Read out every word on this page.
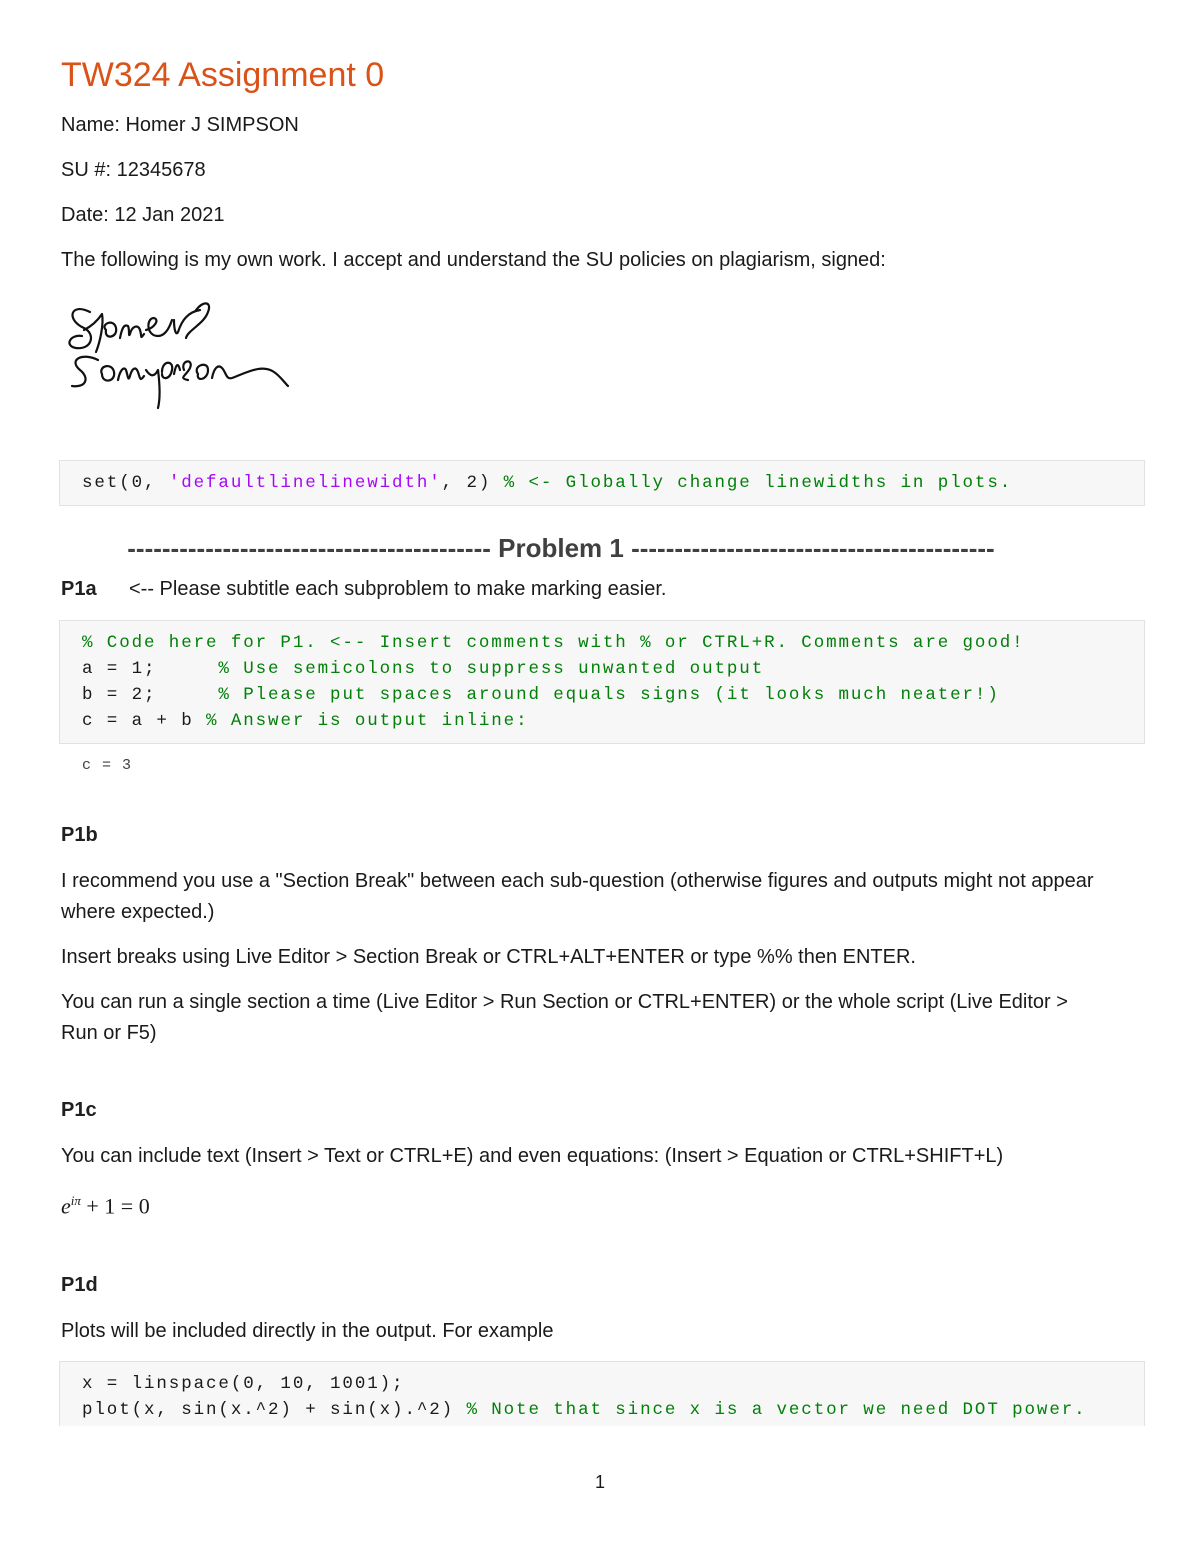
TW324 Assignment 0

Name: Homer J SIMPSON

SU #: 12345678

Date: 12 Jan 2021

The following is my own work. I accept and understand the SU policies on plagiarism, signed:

set(0, 'defaultlinelinewidth', 2) % <- Globally change linewidths in plots.
------------------------------------------ Problem 1 ------------------------------------------
P1a <-- Please subtitle each subproblem to make marking easier.

% Code here for P1. <-- Insert comments with % or CTRL+R. Comments are good!
a = 1;     % Use semicolons to suppress unwanted output
b = 2;     % Please put spaces around equals signs (it looks much neater!)
c = a + b % Answer is output inline:

c = 3

P1b

I recommend you use a "Section Break" between each sub-question (otherwise figures and outputs might not appear where expected.)

Insert breaks using Live Editor > Section Break or CTRL+ALT+ENTER or type %% then ENTER.

You can run a single section a time (Live Editor > Run Section or CTRL+ENTER) or the whole script (Live Editor > Run or F5)

P1c

You can include text (Insert > Text or CTRL+E) and even equations: (Insert > Equation or CTRL+SHIFT+L)

$e^{i\pi} + 1 = 0$

P1d

Plots will be included directly in the output. For example

x = linspace(0, 10, 1001);
plot(x, sin(x.^2) + sin(x).^2) % Note that since x is a vector we need DOT power.

1
